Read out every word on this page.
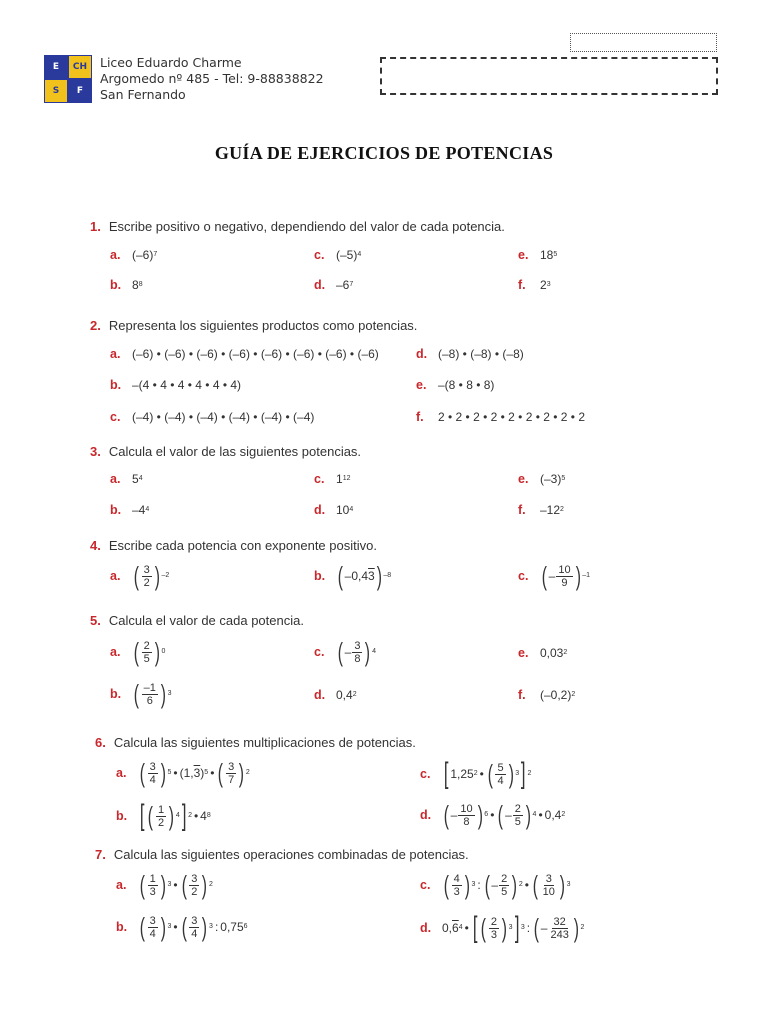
E	CH
S	F
Liceo Eduardo Charme
Argomedo nº 485 - Tel: 9-88838822
San Fernando
GUÍA DE EJERCICIOS DE POTENCIAS
1. Escribe positivo o negativo, dependiendo del valor de cada potencia.
a. (–6) 7	c. (–5) 4	e. 18 5
b. 8 8	d. –6 7	f.	2 3
2. Representa los siguientes productos como potencias.
a. (–6) • (–6) • (–6) • (–6) • (–6) • (–6) • (–6) • (–6)	d. (–8) • (–8) • (–8)
b. –(4 • 4 • 4 • 4 • 4 • 4)	e. –(8 • 8 • 8)
c. (–4) • (–4) • (–4) • (–4) • (–4) • (–4)	f.	2 • 2 • 2 • 2 • 2 • 2 • 2 • 2 • 2
3. Calcula el valor de las siguientes potencias.
a. 5 4	c. 1 12	e. (–3) 5
b. –4 4	d. 10 4	f.	–12 2
4. Escribe cada potencia con exponente positivo.
a. ( $\frac{3}{2}$ ) –2	b. ( –0,4 3 ) –8	c. ( – $\frac{10}{9}$ ) –1
5. Calcula el valor de cada potencia.
a. ( $\frac{2}{5}$ ) 0	c. ( – $\frac{3}{8}$ ) 4	e. 0,03 2
b. ( $\frac{-1}{6}$ ) 3	d. 0,4 2	f.	(–0,2) 2
6. Calcula las siguientes multiplicaciones de potencias.
a. ( $\frac{3}{4}$ ) 5 • (1, 3 ) 5 • ( $\frac{3}{7}$ ) 2	c. [ 1,25 2 • ( $\frac{5}{4}$ ) 3 ] 2
b. [ ( $\frac{1}{2}$ ) 4 ] 2 • 4 8	d. ( – $\frac{10}{8}$ ) 6 • ( – $\frac{2}{5}$ ) 4 • 0,4 2
7. Calcula las siguientes operaciones combinadas de potencias.
a. ( $\frac{1}{3}$ ) 3 • ( $\frac{3}{2}$ ) 2	c. ( $\frac{4}{3}$ ) 3 : ( – $\frac{2}{5}$ ) 2 • ( $\frac{3}{10}$ ) 3
b. ( $\frac{3}{4}$ ) 3 • ( $\frac{3}{4}$ ) 3 : 0,75 6	d. 0, 6 4 • [ ( $\frac{2}{3}$ ) 3 ] 3 : ( – $\frac{32}{243}$ ) 2
